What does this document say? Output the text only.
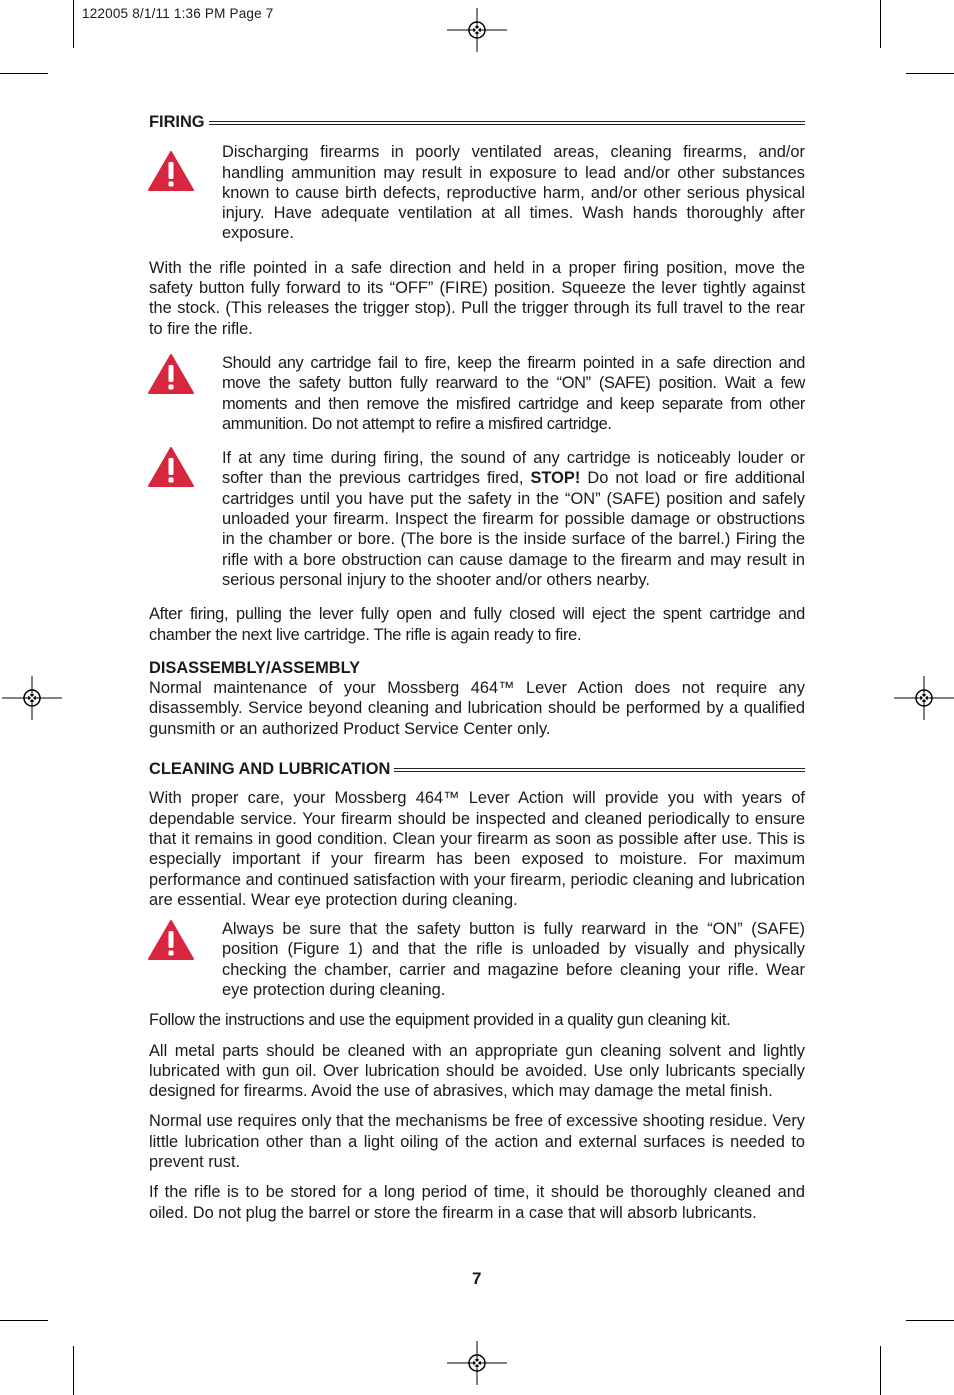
122005 8/1/11 1:36 PM Page 7
FIRING

Discharging firearms in poorly ventilated areas, cleaning firearms, and/or handling ammunition may result in exposure to lead and/or other substances known to cause birth defects, reproductive harm, and/or other serious physical injury. Have adequate ventilation at all times. Wash hands thoroughly after exposure.

With the rifle pointed in a safe direction and held in a proper firing position, move the safety button fully forward to its “OFF” (FIRE) position. Squeeze the lever tightly against the stock. (This releases the trigger stop). Pull the trigger through its full travel to the rear to fire the rifle.

Should any cartridge fail to fire, keep the firearm pointed in a safe direction and move the safety button fully rearward to the “ON” (SAFE) position. Wait a few moments and then remove the misfired cartridge and keep separate from other ammunition. Do not attempt to refire a misfired cartridge.

If at any time during firing, the sound of any cartridge is noticeably louder or softer than the previous cartridges fired, STOP! Do not load or fire additional cartridges until you have put the safety in the “ON” (SAFE) position and safely unloaded your firearm. Inspect the firearm for possible damage or obstructions in the chamber or bore. (The bore is the inside surface of the barrel.) Firing the rifle with a bore obstruction can cause damage to the firearm and may result in serious personal injury to the shooter and/or others nearby.

After firing, pulling the lever fully open and fully closed will eject the spent cartridge and chamber the next live cartridge. The rifle is again ready to fire.

DISASSEMBLY/ASSEMBLY

Normal maintenance of your Mossberg 464™ Lever Action does not require any disassembly. Service beyond cleaning and lubrication should be performed by a qualified gunsmith or an authorized Product Service Center only.

CLEANING AND LUBRICATION

With proper care, your Mossberg 464™ Lever Action will provide you with years of dependable service. Your firearm should be inspected and cleaned periodically to ensure that it remains in good condition. Clean your firearm as soon as possible after use. This is especially important if your firearm has been exposed to moisture. For maximum performance and continued satisfaction with your firearm, periodic cleaning and lubrication are essential. Wear eye protection during cleaning.

Always be sure that the safety button is fully rearward in the “ON” (SAFE) position (Figure 1) and that the rifle is unloaded by visually and physically checking the chamber, carrier and magazine before cleaning your rifle. Wear eye protection during cleaning.

Follow the instructions and use the equipment provided in a quality gun cleaning kit.

All metal parts should be cleaned with an appropriate gun cleaning solvent and lightly lubricated with gun oil. Over lubrication should be avoided. Use only lubricants specially designed for firearms. Avoid the use of abrasives, which may damage the metal finish.

Normal use requires only that the mechanisms be free of excessive shooting residue. Very little lubrication other than a light oiling of the action and external surfaces is needed to prevent rust.

If the rifle is to be stored for a long period of time, it should be thoroughly cleaned and oiled. Do not plug the barrel or store the firearm in a case that will absorb lubricants.

7
